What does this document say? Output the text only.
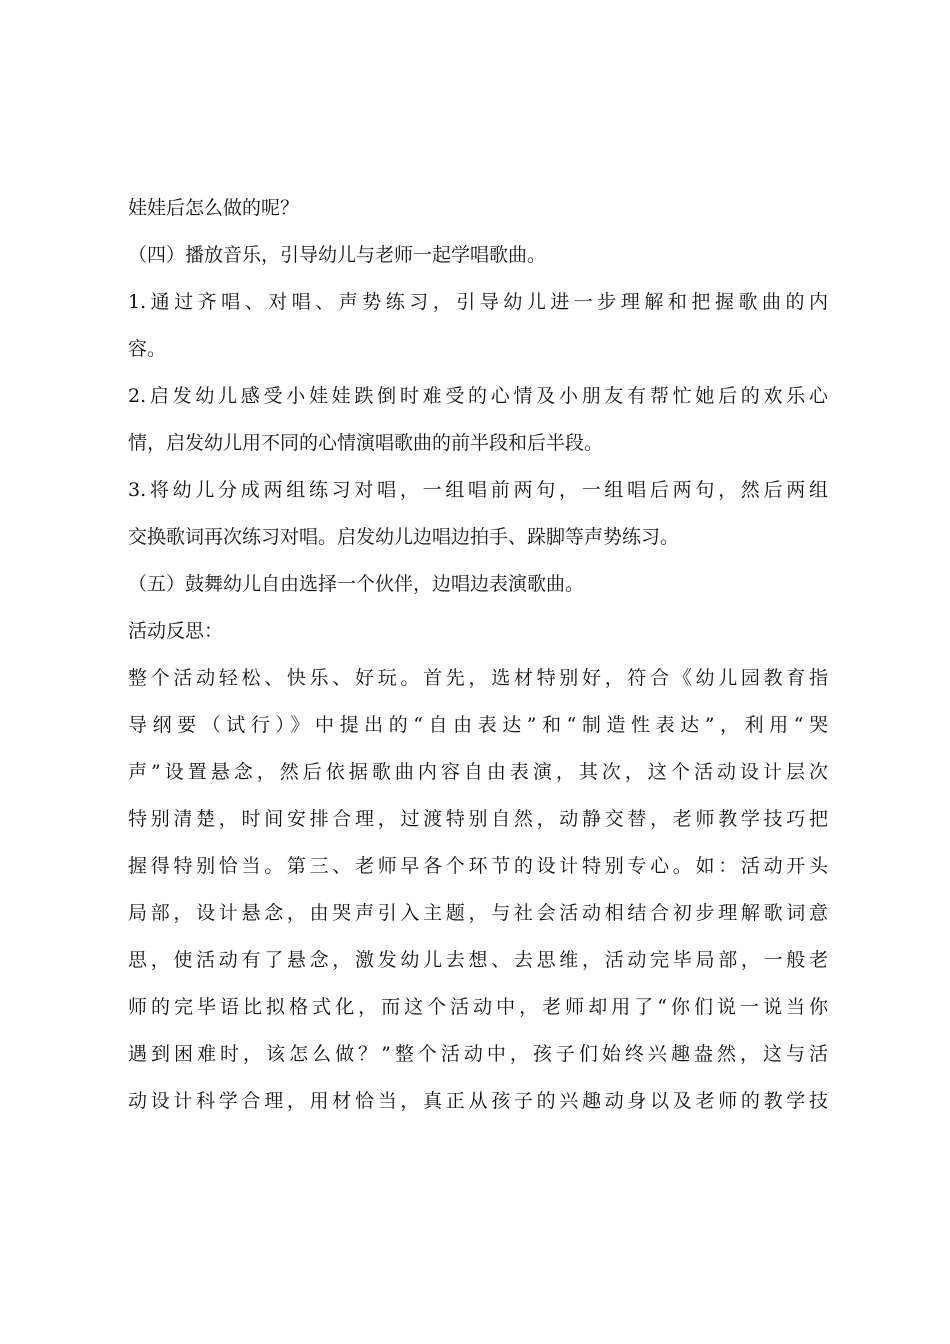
娃娃后怎么做的呢？
（四）播放音乐，引导幼儿与老师一起学唱歌曲。
1.通过齐唱、对唱、声势练习，引导幼儿进一步理解和把握歌曲的内
容。
2.启发幼儿感受小娃娃跌倒时难受的心情及小朋友有帮忙她后的欢乐心
情，启发幼儿用不同的心情演唱歌曲的前半段和后半段。
3.将幼儿分成两组练习对唱，一组唱前两句，一组唱后两句，然后两组
交换歌词再次练习对唱。启发幼儿边唱边拍手、跺脚等声势练习。
（五）鼓舞幼儿自由选择一个伙伴，边唱边表演歌曲。
活动反思：
整个活动轻松、快乐、好玩。首先，选材特别好，符合《幼儿园教育指
导纲要（试行）》中提出的“自由表达”和“制造性表达”，利用“哭
声”设置悬念，然后依据歌曲内容自由表演，其次，这个活动设计层次
特别清楚，时间安排合理，过渡特别自然，动静交替，老师教学技巧把
握得特别恰当。第三、老师早各个环节的设计特别专心。如：活动开头
局部，设计悬念，由哭声引入主题，与社会活动相结合初步理解歌词意
思，使活动有了悬念，激发幼儿去想、去思维，活动完毕局部，一般老
师的完毕语比拟格式化，而这个活动中，老师却用了“你们说一说当你
遇到困难时，该怎么做？”整个活动中，孩子们始终兴趣盎然，这与活
动设计科学合理，用材恰当，真正从孩子的兴趣动身以及老师的教学技
